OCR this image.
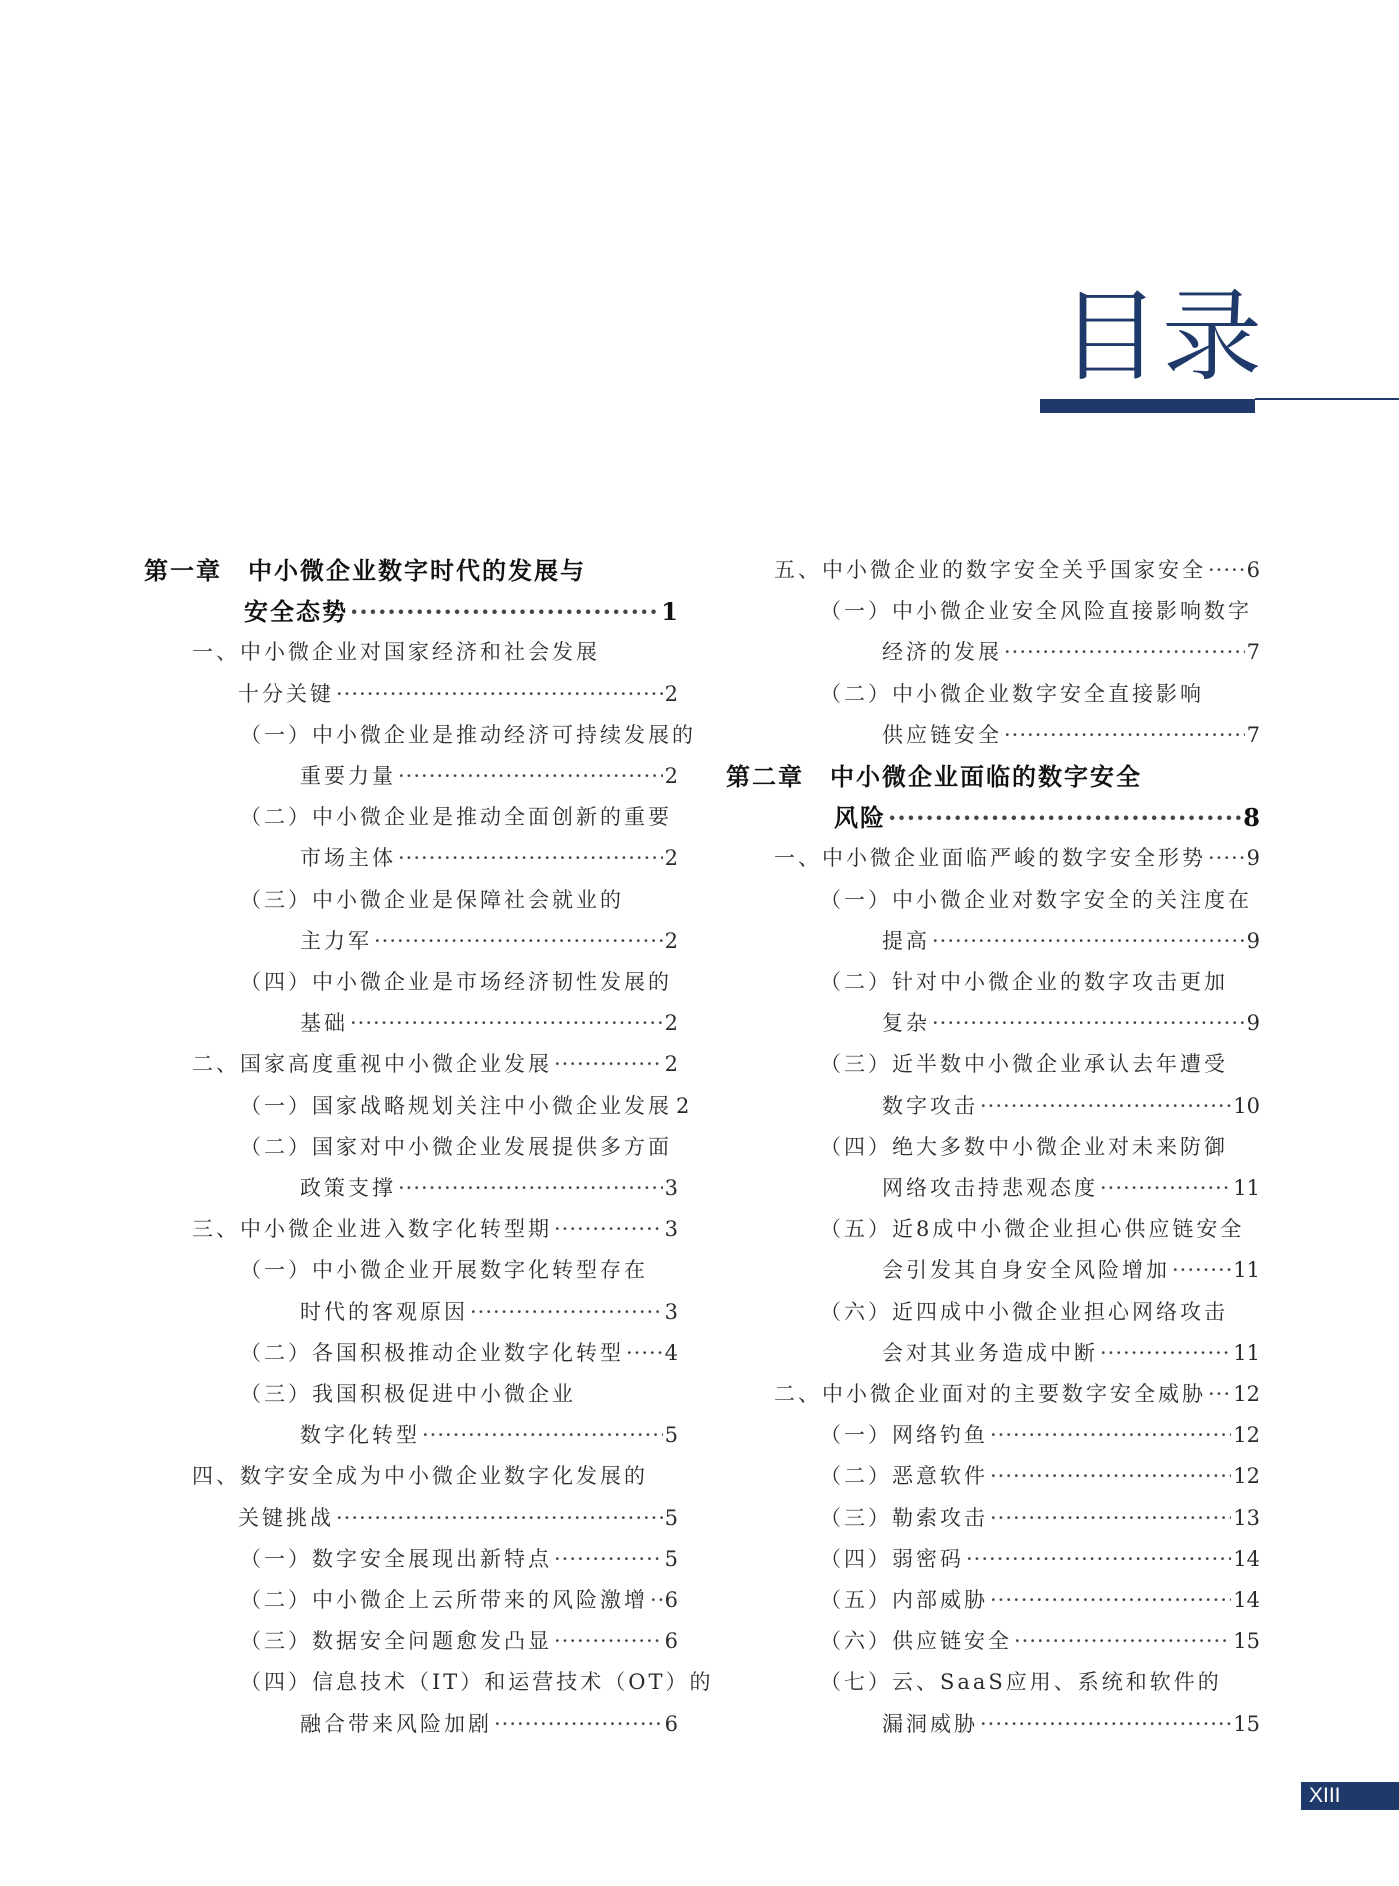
目录
第一章　中小微企业数字时代的发展与
安全态势 ·····	1
一、中小微企业对国家经济和社会发展
十分关键 ·····	2
（一）中小微企业是推动经济可持续发展的
重要力量 ·····	2
（二）中小微企业是推动全面创新的重要
市场主体 ·····	2
（三）中小微企业是保障社会就业的
主力军 ·····	2
（四）中小微企业是市场经济韧性发展的
基础 ·····	2
二、国家高度重视中小微企业发展 ·····	2
（一）国家战略规划关注中小微企业发展 2
（二）国家对中小微企业发展提供多方面
政策支撑 ·····	3
三、中小微企业进入数字化转型期 ·····	3
（一）中小微企业开展数字化转型存在
时代的客观原因 ·····	3
（二）各国积极推动企业数字化转型 ····· 4
（三）我国积极促进中小微企业
数字化转型 ·····	5
四、数字安全成为中小微企业数字化发展的
关键挑战 ·····	5
（一）数字安全展现出新特点 ·····	5
（二）中小微企上云所带来的风险激增 ····· 6
（三）数据安全问题愈发凸显 ·····	6
（四）信息技术（IT）和运营技术（OT）的
融合带来风险加剧 ·····	6
五、中小微企业的数字安全关乎国家安全 ····· 6
（一）中小微企业安全风险直接影响数字
经济的发展 ·····	7
（二）中小微企业数字安全直接影响
供应链安全 ·····	7
第二章　中小微企业面临的数字安全
风险 ·····	8
一、中小微企业面临严峻的数字安全形势 ····· 9
（一）中小微企业对数字安全的关注度在
提高 ·····	9
（二）针对中小微企业的数字攻击更加
复杂 ·····	9
（三）近半数中小微企业承认去年遭受
数字攻击 ·····	10
（四）绝大多数中小微企业对未来防御
网络攻击持悲观态度 ·····	11
（五）近8成中小微企业担心供应链安全
会引发其自身安全风险增加 ·····	11
（六）近四成中小微企业担心网络攻击
会对其业务造成中断 ·····	11
二、中小微企业面对的主要数字安全威胁 ····· 12
（一）网络钓鱼 ·····	12
（二）恶意软件 ·····	12
（三）勒索攻击 ·····	13
（四）弱密码 ·····	14
（五）内部威胁 ·····	14
（六）供应链安全 ·····	15
（七）云、SaaS应用、系统和软件的
漏洞威胁 ·····	15
XIII
